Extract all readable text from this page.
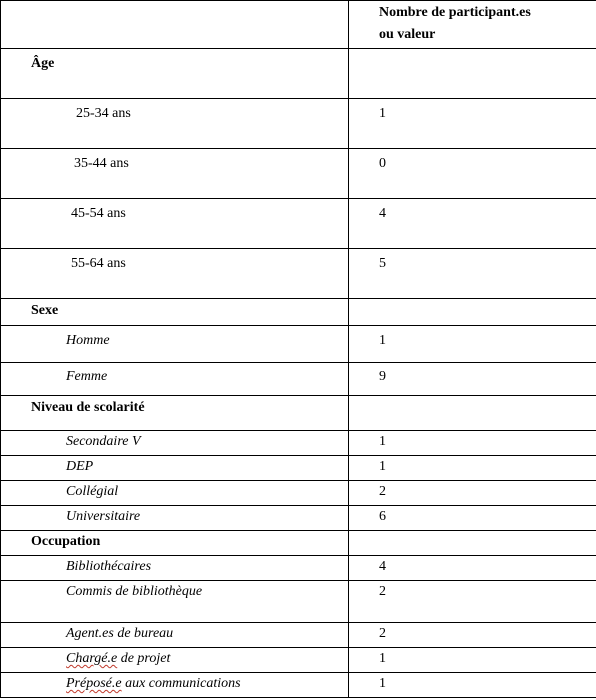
	Nombre de participant.es
ou valeur

Âge	

25-34 ans	1

35-44 ans	0

45-54 ans	4

55-64 ans	5

Sexe	

Homme	1

Femme	9

Niveau de scolarité	

Secondaire V	1

DEP	1

Collégial	2

Universitaire	6

Occupation	

Bibliothécaires	4

Commis de bibliothèque	2

Agent.es de bureau	2

Chargé.e de projet	1

Préposé.e aux communications	1
